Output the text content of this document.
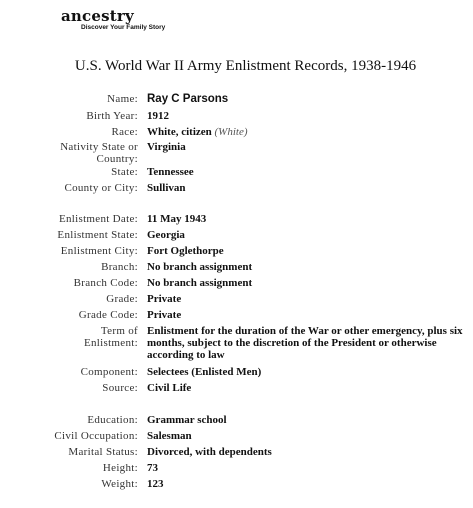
ancestry
Discover Your Family Story
U.S. World War II Army Enlistment Records, 1938-1946
Name: Ray C Parsons
Birth Year: 1912
Race: White, citizen (White)
Nativity State or Country:
Virginia
State: Tennessee
County or City: Sullivan
Enlistment Date: 11 May 1943
Enlistment State: Georgia
Enlistment City: Fort Oglethorpe
Branch: No branch assignment
Branch Code: No branch assignment
Grade: Private
Grade Code: Private
Term of Enlistment:
Enlistment for the duration of the War or other emergency, plus six months, subject to the discretion of the President or otherwise according to law
Component: Selectees (Enlisted Men)
Source: Civil Life
Education: Grammar school
Civil Occupation: Salesman
Marital Status: Divorced, with dependents
Height: 73
Weight: 123
